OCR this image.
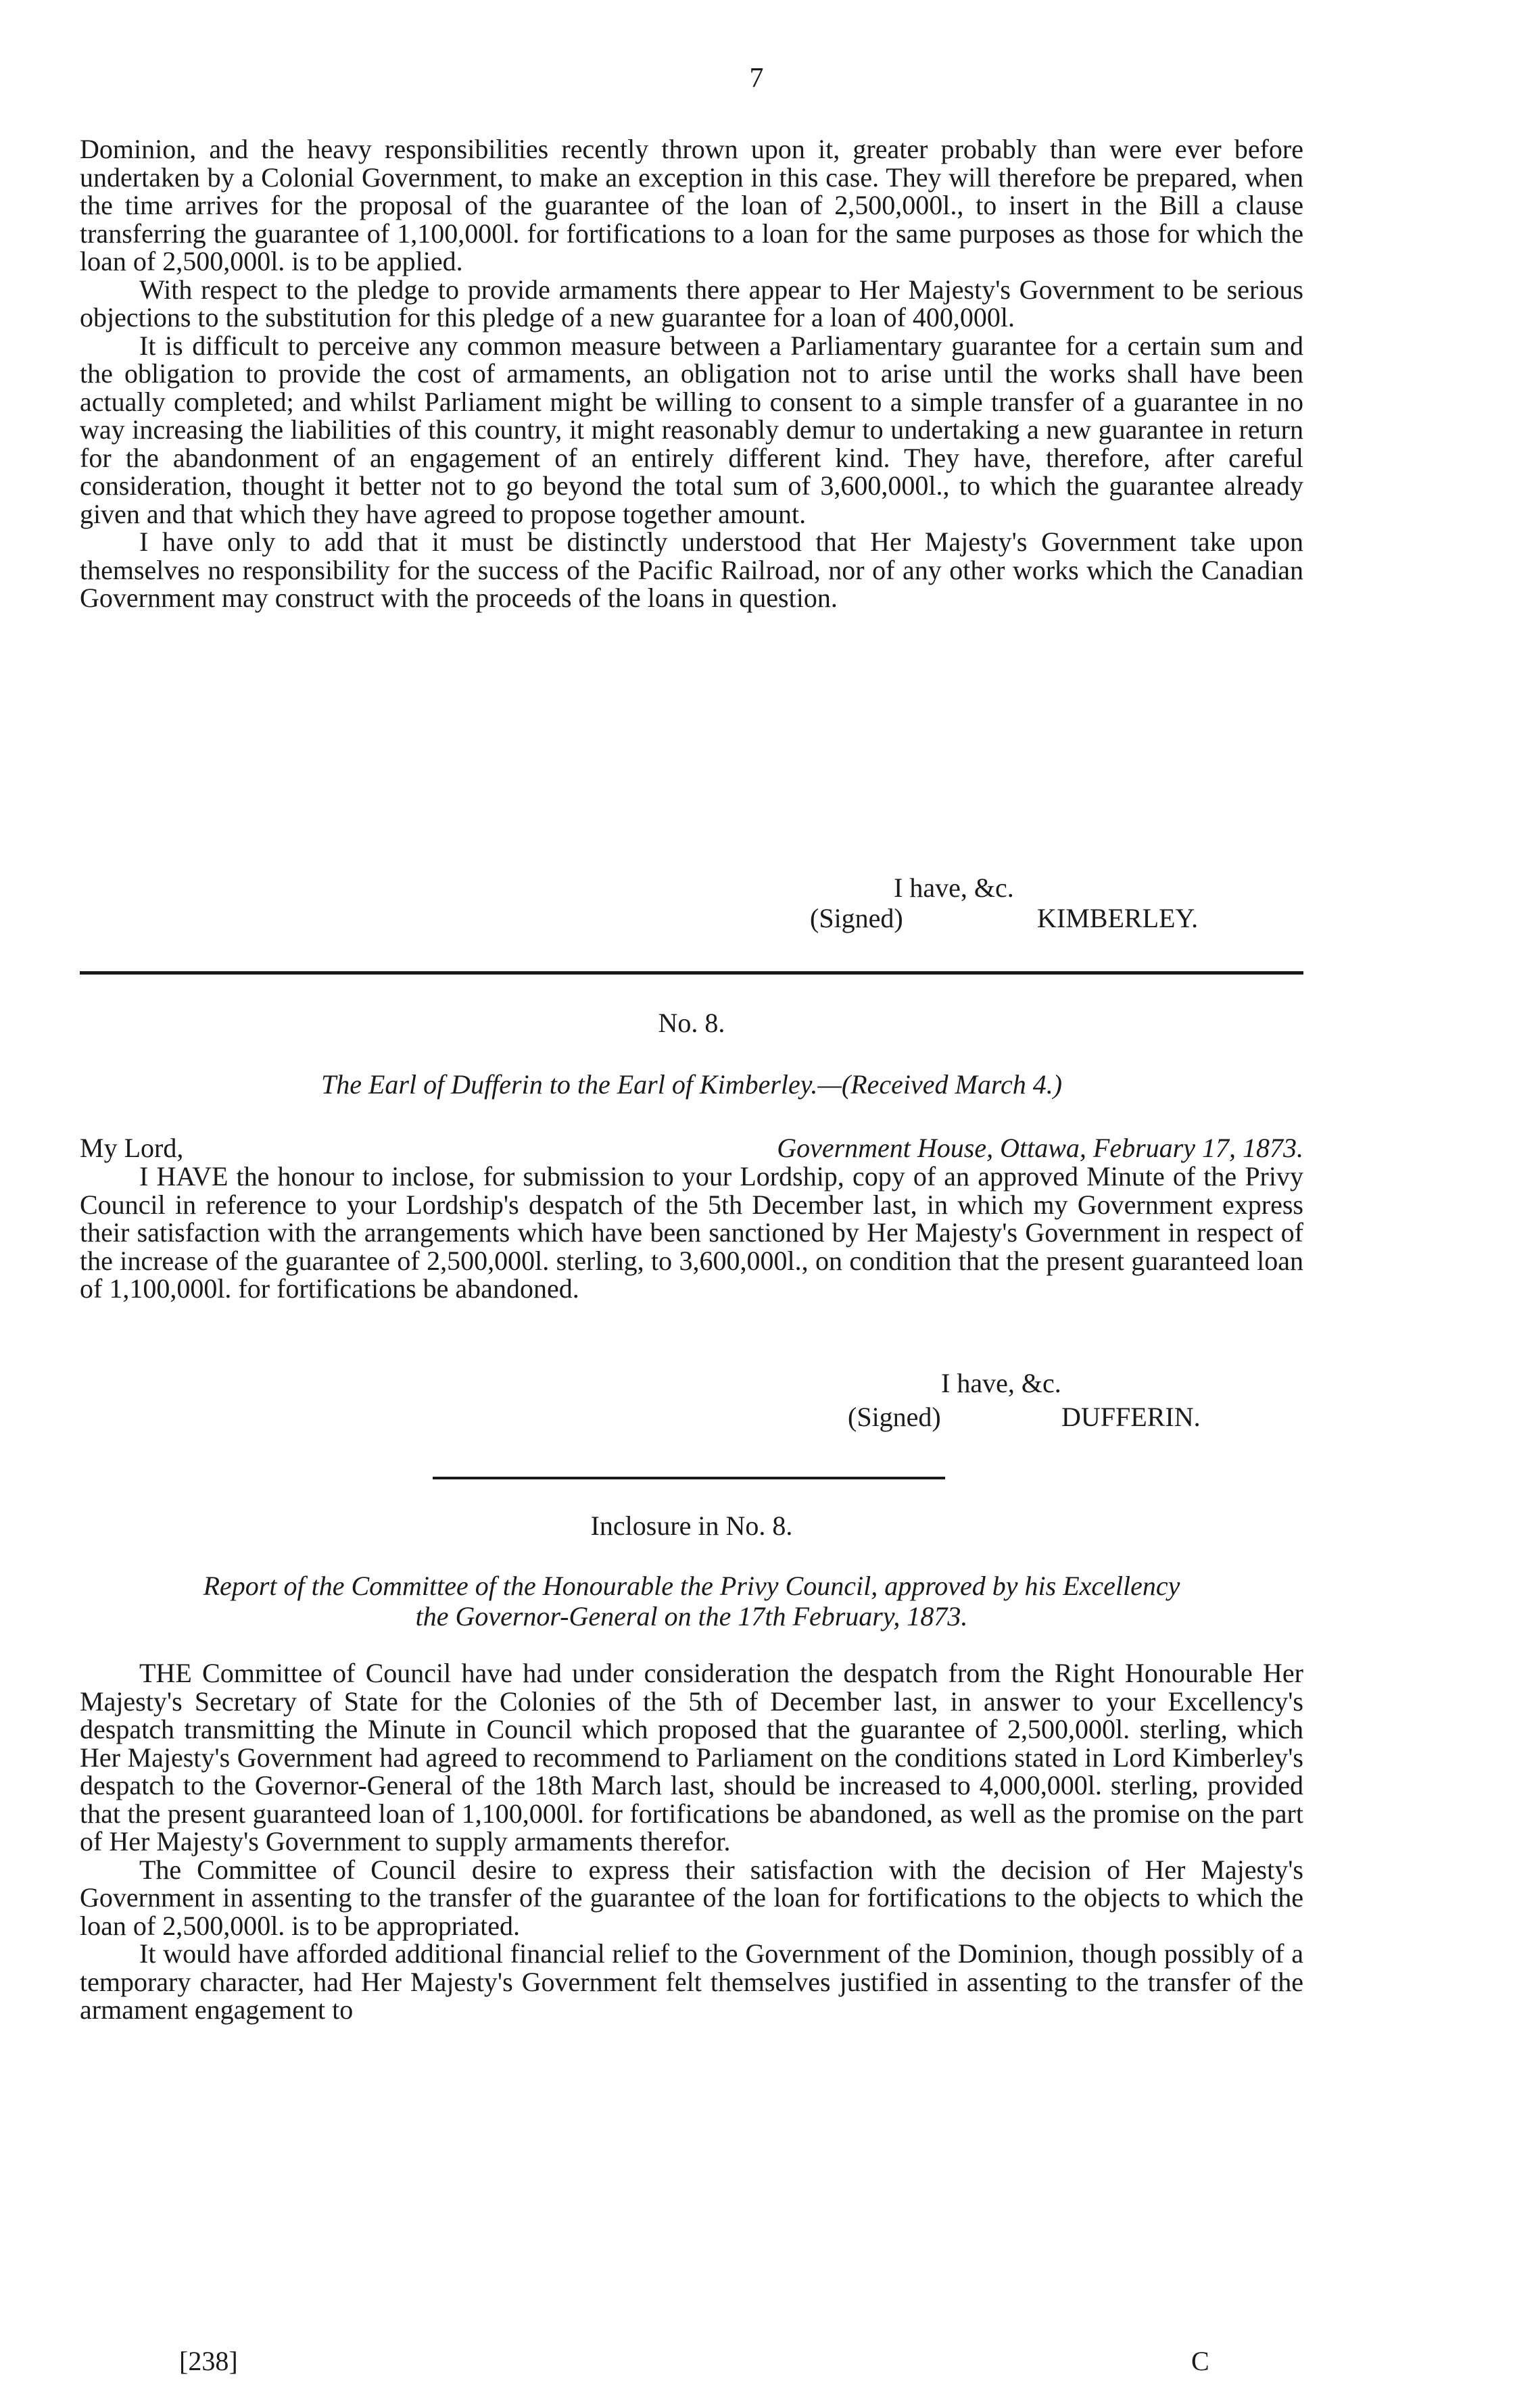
7

Dominion, and the heavy responsibilities recently thrown upon it, greater probably than were ever before undertaken by a Colonial Government, to make an exception in this case. They will therefore be prepared, when the time arrives for the proposal of the guarantee of the loan of 2,500,000l., to insert in the Bill a clause transferring the guarantee of 1,100,000l. for fortifications to a loan for the same purposes as those for which the loan of 2,500,000l. is to be applied.

With respect to the pledge to provide armaments there appear to Her Majesty's Government to be serious objections to the substitution for this pledge of a new guarantee for a loan of 400,000l.

It is difficult to perceive any common measure between a Parliamentary guarantee for a certain sum and the obligation to provide the cost of armaments, an obligation not to arise until the works shall have been actually completed; and whilst Parliament might be willing to consent to a simple transfer of a guarantee in no way increasing the liabilities of this country, it might reasonably demur to undertaking a new guarantee in return for the abandonment of an engagement of an entirely different kind. They have, therefore, after careful consideration, thought it better not to go beyond the total sum of 3,600,000l., to which the guarantee already given and that which they have agreed to propose together amount.

I have only to add that it must be distinctly understood that Her Majesty's Government take upon themselves no responsibility for the success of the Pacific Railroad, nor of any other works which the Canadian Government may construct with the proceeds of the loans in question.

I have, &c.
(Signed)	KIMBERLEY.
No. 8.
The Earl of Dufferin to the Earl of Kimberley.—(Received March 4.)
My Lord,	Government House, Ottawa, February 17, 1873.

I HAVE the honour to inclose, for submission to your Lordship, copy of an approved Minute of the Privy Council in reference to your Lordship's despatch of the 5th December last, in which my Government express their satisfaction with the arrangements which have been sanctioned by Her Majesty's Government in respect of the increase of the guarantee of 2,500,000l. sterling, to 3,600,000l., on condition that the present guaranteed loan of 1,100,000l. for fortifications be abandoned.

I have, &c.
(Signed)	DUFFERIN.
Inclosure in No. 8.
Report of the Committee of the Honourable the Privy Council, approved by his Excellency
the Governor-General on the 17th February, 1873.

THE Committee of Council have had under consideration the despatch from the Right Honourable Her Majesty's Secretary of State for the Colonies of the 5th of December last, in answer to your Excellency's despatch transmitting the Minute in Council which proposed that the guarantee of 2,500,000l. sterling, which Her Majesty's Government had agreed to recommend to Parliament on the conditions stated in Lord Kimberley's despatch to the Governor-General of the 18th March last, should be increased to 4,000,000l. sterling, provided that the present guaranteed loan of 1,100,000l. for fortifications be abandoned, as well as the promise on the part of Her Majesty's Government to supply armaments therefor.

The Committee of Council desire to express their satisfaction with the decision of Her Majesty's Government in assenting to the transfer of the guarantee of the loan for fortifications to the objects to which the loan of 2,500,000l. is to be appropriated.

It would have afforded additional financial relief to the Government of the Dominion, though possibly of a temporary character, had Her Majesty's Government felt themselves justified in assenting to the transfer of the armament engagement to

[238]	C
